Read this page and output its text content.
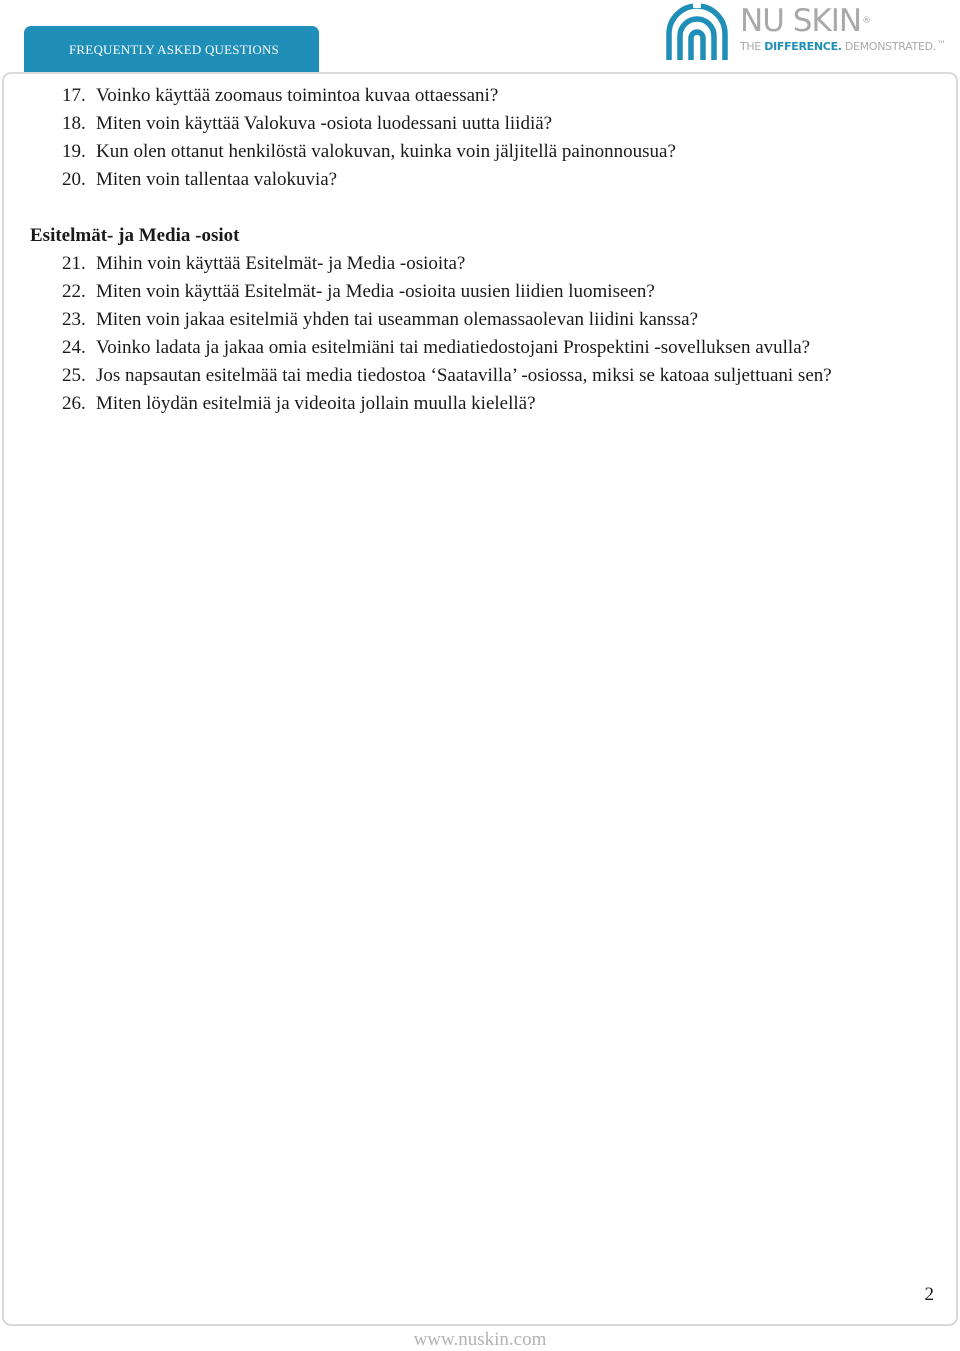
FREQUENTLY ASKED QUESTIONS
NU SKIN®
THE DIFFERENCE. DEMONSTRATED.™
17. Voinko käyttää zoomaus toimintoa kuvaa ottaessani?
18. Miten voin käyttää Valokuva -osiota luodessani uutta liidiä?
19. Kun olen ottanut henkilöstä valokuvan, kuinka voin jäljitellä painonnousua?
20. Miten voin tallentaa valokuvia?
Esitelmät- ja Media -osiot
21. Mihin voin käyttää Esitelmät- ja Media -osioita?
22. Miten voin käyttää Esitelmät- ja Media -osioita uusien liidien luomiseen?
23. Miten voin jakaa esitelmiä yhden tai useamman olemassaolevan liidini kanssa?
24. Voinko ladata ja jakaa omia esitelmiäni tai mediatiedostojani Prospektini -sovelluksen avulla?
25. Jos napsautan esitelmää tai media tiedostoa ‘Saatavilla’ -osiossa, miksi se katoaa suljettuani sen?
26. Miten löydän esitelmiä ja videoita jollain muulla kielellä?
2
www.nuskin.com
